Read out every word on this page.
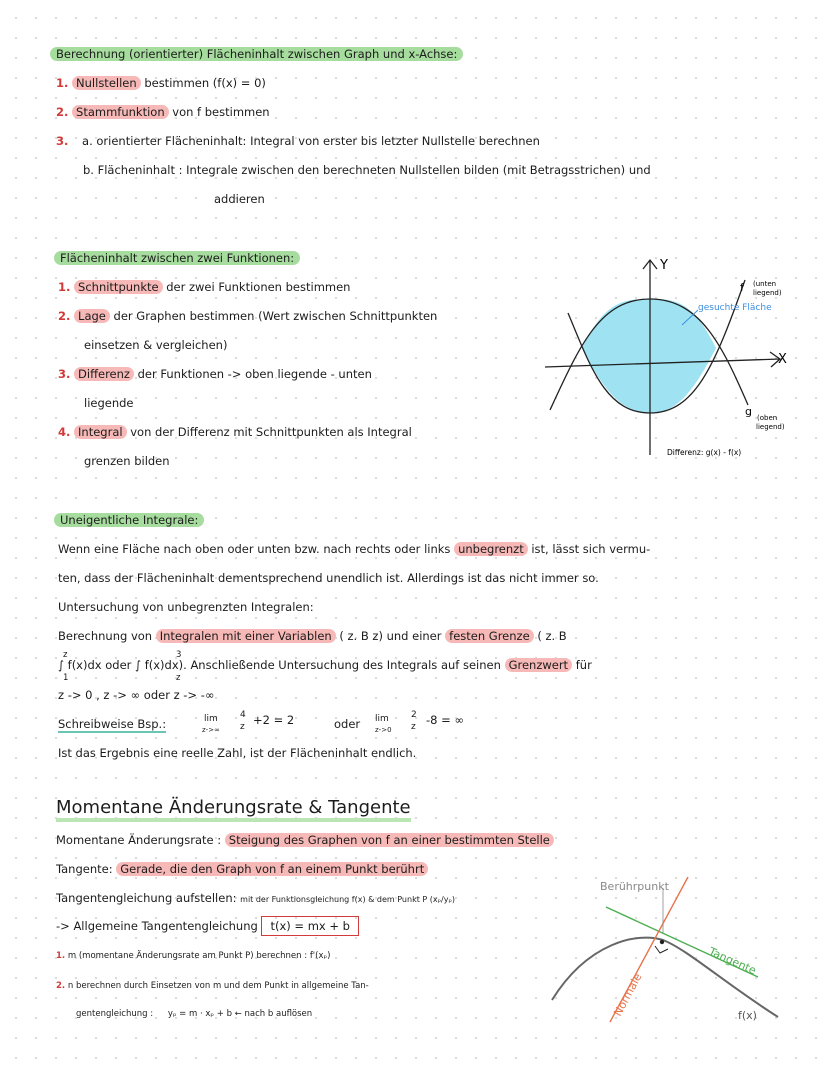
Berechnung (orientierter) Flächeninhalt zwischen Graph und x-Achse:
1. Nullstellen bestimmen (f(x) = 0)
2. Stammfunktion von f bestimmen
3. a. orientierter Flächeninhalt: Integral von erster bis letzter Nullstelle berechnen
b. Flächeninhalt : Integrale zwischen den berechneten Nullstellen bilden (mit Betragsstrichen) und
addieren
Flächeninhalt zwischen zwei Funktionen:
1. Schnittpunkte der zwei Funktionen bestimmen
2. Lage der Graphen bestimmen (Wert zwischen Schnittpunkten
einsetzen & vergleichen)
3. Differenz der Funktionen -> oben liegende - unten
liegende
4. Integral von der Differenz mit Schnittpunkten als Integral
grenzen bilden
Y
X
f (unten
liegend)
g (oben
liegend)
gesuchte Fläche
Differenz: g(x) - f(x)
Uneigentliche Integrale:
Wenn eine Fläche nach oben oder unten bzw. nach rechts oder links unbegrenzt ist, lässt sich vermu-
ten, dass der Flächeninhalt dementsprechend unendlich ist. Allerdings ist das nicht immer so.
Untersuchung von unbegrenzten Integralen:
Berechnung von Integralen mit einer Variablen ( z. B z) und einer festen Grenze ( z. B
∫ f(x)dx oder ∫ f(x)dx). Anschließende Untersuchung des Integrals auf seinen Grenzwert für
z
1
3
z
z -> 0 , z -> ∞ oder z -> -∞
Schreibweise Bsp.:	lim
z->∞
4
z +2 = 2	oder lim
z->0
2
z -8 = ∞
Ist das Ergebnis eine reelle Zahl, ist der Flächeninhalt endlich.
Momentane Änderungsrate & Tangente
Momentane Änderungsrate : Steigung des Graphen von f an einer bestimmten Stelle
Tangente: Gerade, die den Graph von f an einem Punkt berührt
Tangentengleichung aufstellen: mit der Funktionsgleichung f(x) & dem Punkt P (xₚ/yₚ)
-> Allgemeine Tangentengleichung t(x) = mx + b
1. m (momentane Änderungsrate am Punkt P) berechnen : f'(xₚ)
2. n berechnen durch Einsetzen von m und dem Punkt in allgemeine Tan-
gentengleichung : yₚ = m · xₚ + b ← nach b auflösen
Berührpunkt
Tangente
Normale	f(x)
